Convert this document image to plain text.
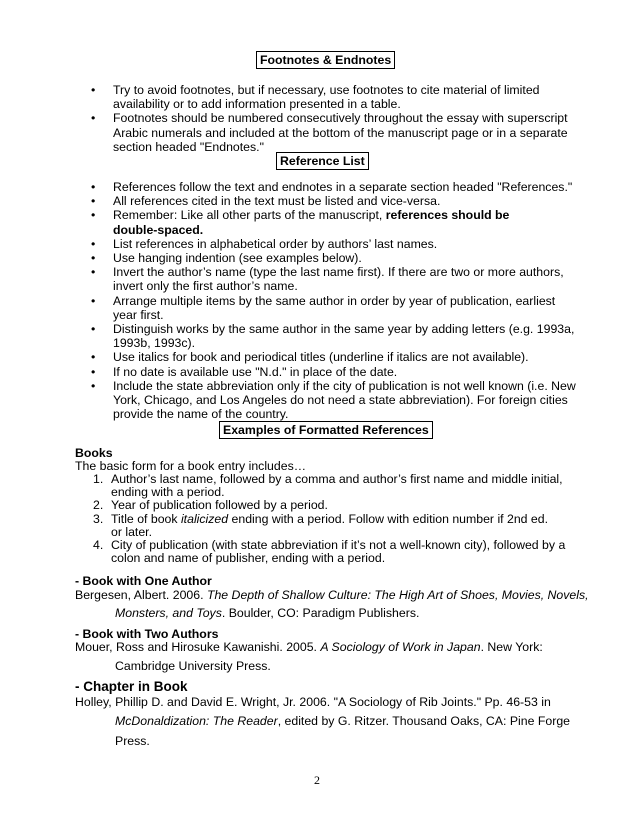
Footnotes & Endnotes
• Try to avoid footnotes, but if necessary, use footnotes to cite material of limited
availability or to add information presented in a table.
• Footnotes should be numbered consecutively throughout the essay with superscript
Arabic numerals and included at the bottom of the manuscript page or in a separate
section headed "Endnotes."
Reference List
• References follow the text and endnotes in a separate section headed "References."
• All references cited in the text must be listed and vice-versa.
• Remember: Like all other parts of the manuscript, references should be
double-spaced.
• List references in alphabetical order by authors’ last names.
• Use hanging indention (see examples below).
• Invert the author’s name (type the last name first). If there are two or more authors,
invert only the first author’s name.
• Arrange multiple items by the same author in order by year of publication, earliest
year first.
• Distinguish works by the same author in the same year by adding letters (e.g. 1993a,
1993b, 1993c).
• Use italics for book and periodical titles (underline if italics are not available).
• If no date is available use "N.d." in place of the date.
• Include the state abbreviation only if the city of publication is not well known (i.e. New
York, Chicago, and Los Angeles do not need a state abbreviation). For foreign cities
provide the name of the country.
Examples of Formatted References
Books
The basic form for a book entry includes…
1. Author’s last name, followed by a comma and author’s first name and middle initial,
ending with a period.
2. Year of publication followed by a period.
3. Title of book italicized ending with a period. Follow with edition number if 2nd ed.
or later.
4. City of publication (with state abbreviation if it’s not a well-known city), followed by a
colon and name of publisher, ending with a period.
- Book with One Author
Bergesen, Albert. 2006. The Depth of Shallow Culture: The High Art of Shoes, Movies, Novels,
Monsters, and Toys. Boulder, CO: Paradigm Publishers.
- Book with Two Authors
Mouer, Ross and Hirosuke Kawanishi. 2005. A Sociology of Work in Japan. New York:
Cambridge University Press.
- Chapter in Book
Holley, Phillip D. and David E. Wright, Jr. 2006. "A Sociology of Rib Joints." Pp. 46-53 in
McDonaldization: The Reader, edited by G. Ritzer. Thousand Oaks, CA: Pine Forge
Press.
2
